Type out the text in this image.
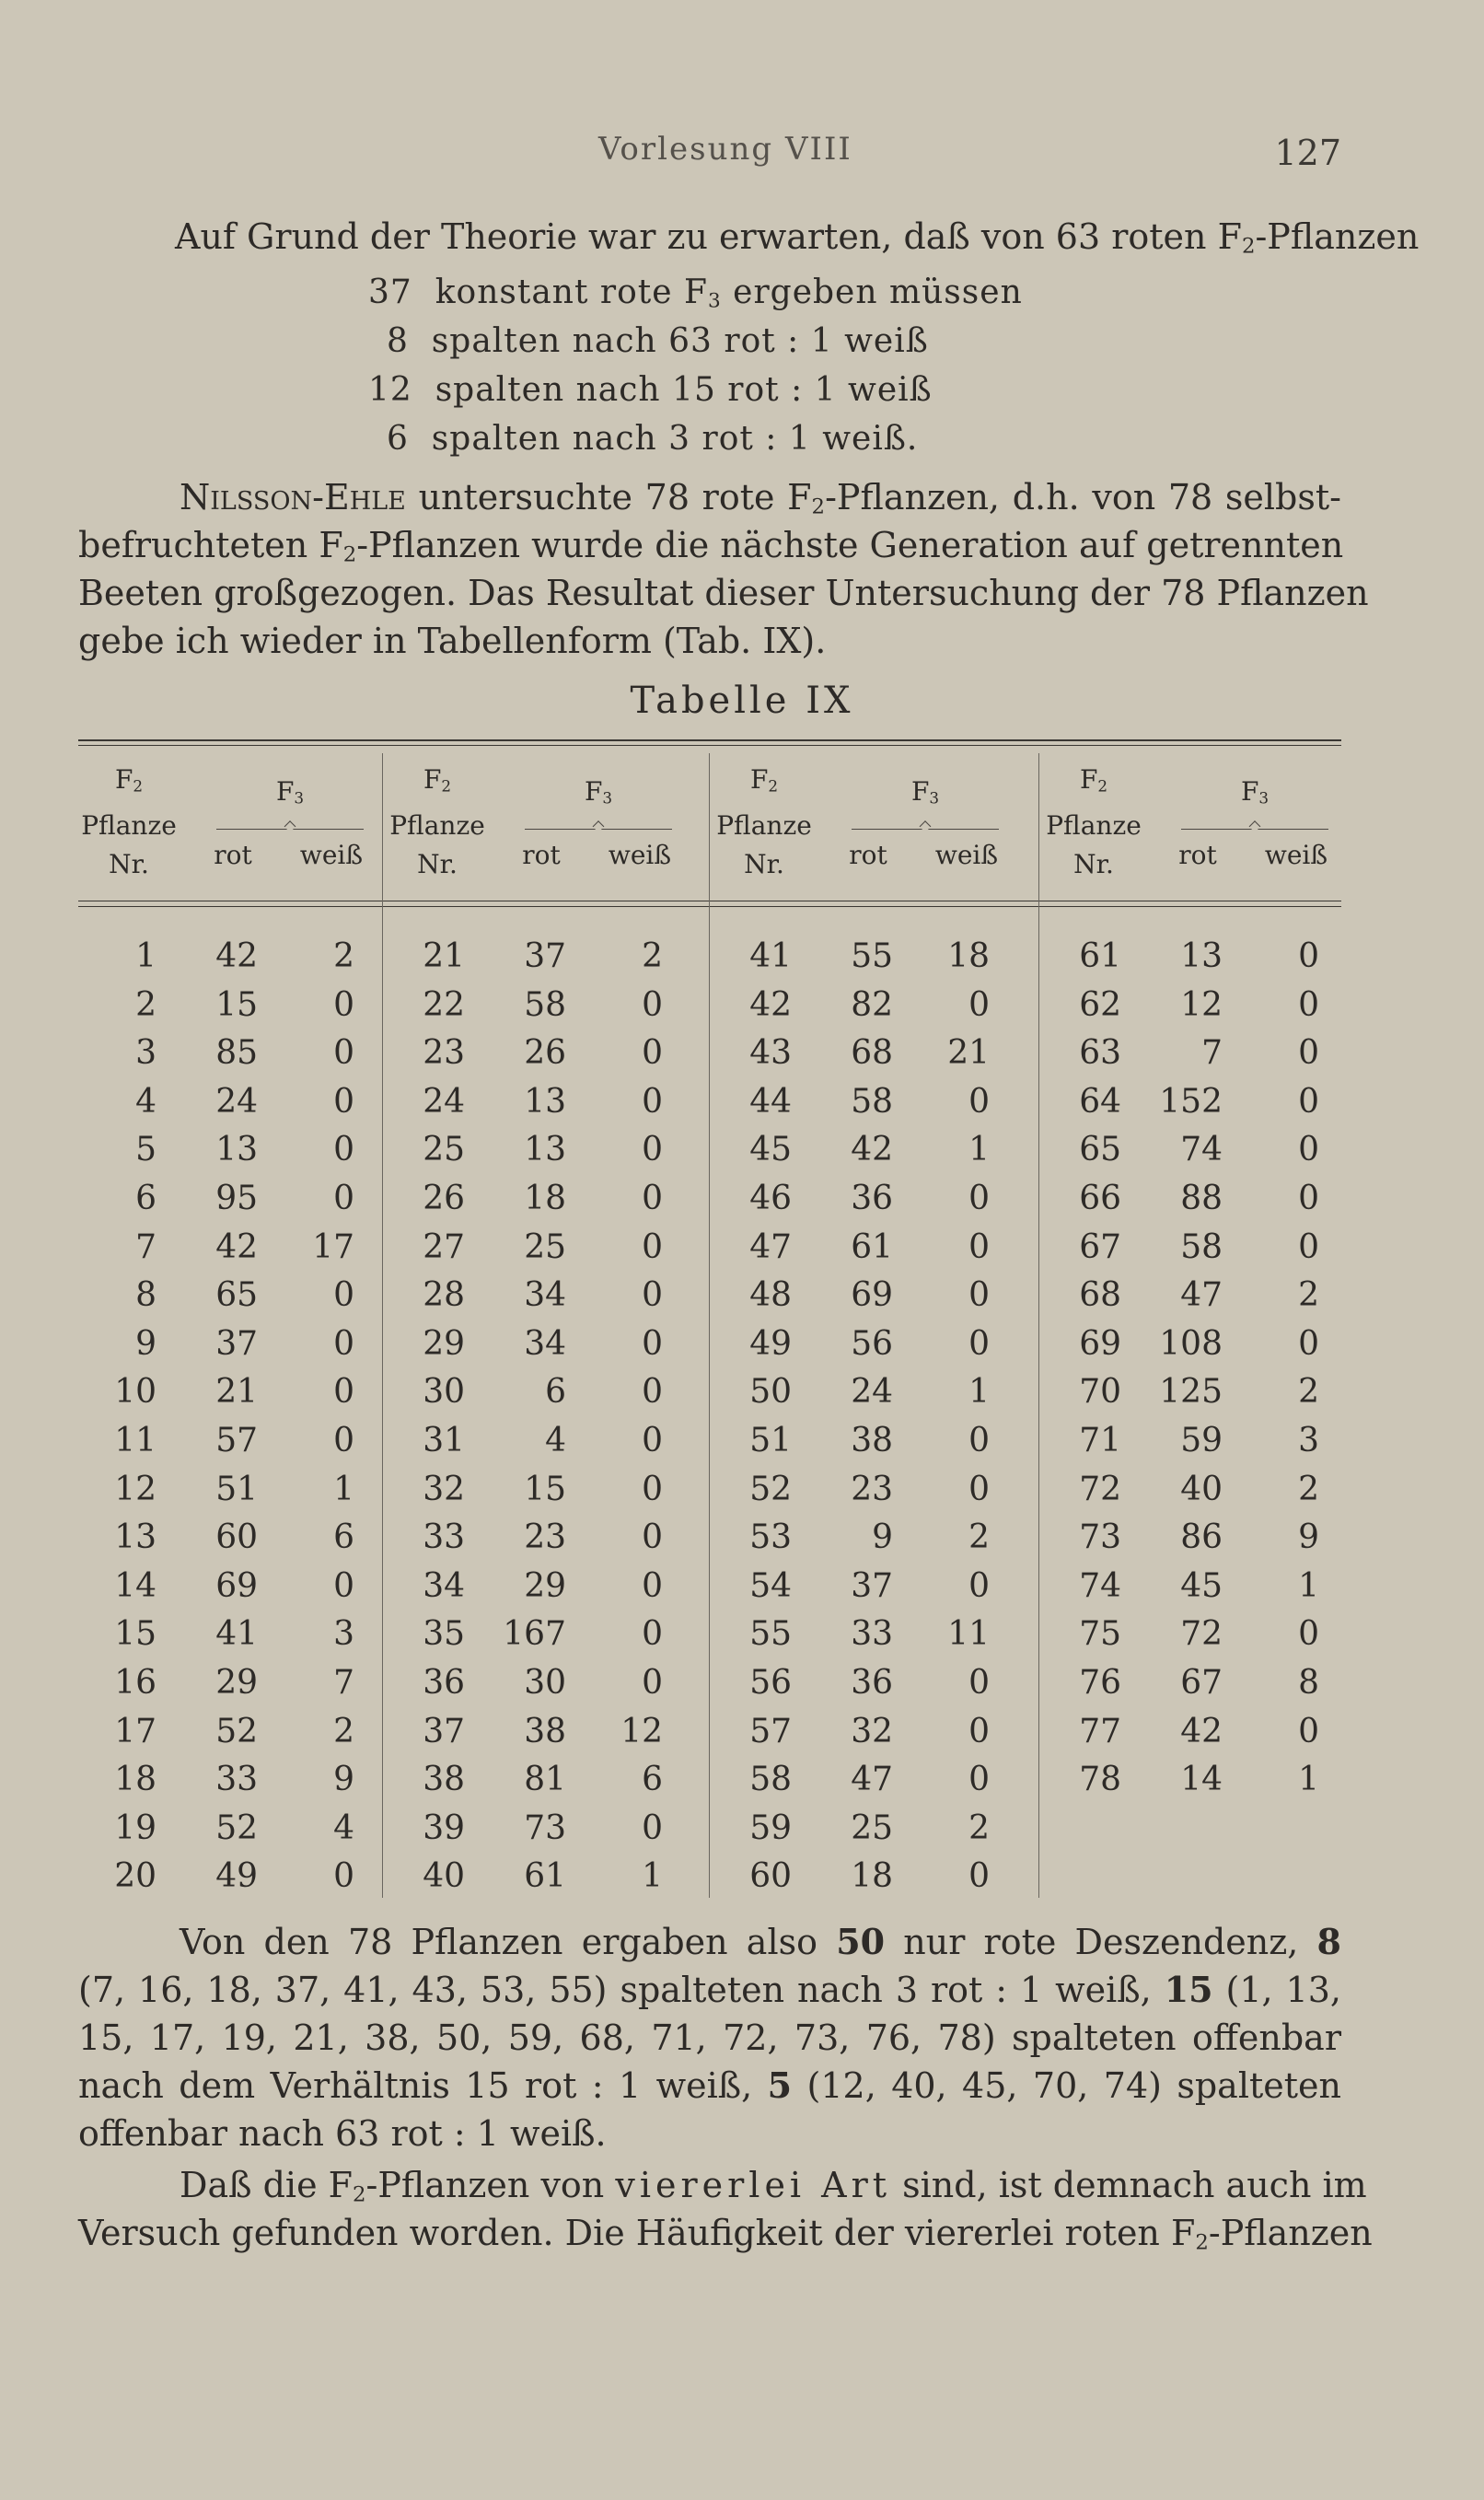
Vorlesung VIII	127
Auf Grund der Theorie war zu erwarten, daß von 63 roten $F_2$-Pflanzen
37 konstant rote $F_3$ ergeben müssen
8 spalten nach 63 rot : 1 weiß
12 spalten nach 15 rot : 1 weiß
6 spalten nach 3 rot : 1 weiß.
Nilsson-Ehle untersuchte 78 rote $F_2$-Pflanzen, d.h. von 78 selbst-
befruchteten $F_2$-Pflanzen wurde die nächste Generation auf getrennten
Beeten großgezogen. Das Resultat dieser Untersuchung der 78 Pflanzen
gebe ich wieder in Tabellenform (Tab. IX).
Tabelle IX
$F_2$
Pflanze
Nr.
$F_3$
rot	weiß
$F_2$
Pflanze
Nr.
$F_3$
rot	weiß
$F_2$
Pflanze
Nr.
$F_3$
rot	weiß
$F_2$
Pflanze
Nr.
$F_3$
rot	weiß
1	42	2
2	15	0
3	85	0
4	24	0
5	13	0
6	95	0
7	42	17
8	65	0
9	37	0
10	21	0
11	57	0
12	51	1
13	60	6
14	69	0
15	41	3
16	29	7
17	52	2
18	33	9
19	52	4
20	49	0
21	37	2
22	58	0
23	26	0
24	13	0
25	13	0
26	18	0
27	25	0
28	34	0
29	34	0
30	6	0
31	4	0
32	15	0
33	23	0
34	29	0
35	167	0
36	30	0
37	38	12
38	81	6
39	73	0
40	61	1
41	55	18
42	82	0
43	68	21
44	58	0
45	42	1
46	36	0
47	61	0
48	69	0
49	56	0
50	24	1
51	38	0
52	23	0
53	9	2
54	37	0
55	33	11
56	36	0
57	32	0
58	47	0
59	25	2
60	18	0
61	13	0
62	12	0
63	7	0
64	152	0
65	74	0
66	88	0
67	58	0
68	47	2
69	108	0
70	125	2
71	59	3
72	40	2
73	86	9
74	45	1
75	72	0
76	67	8
77	42	0
78	14	1
Von den 78 Pflanzen ergaben also 50 nur rote Deszendenz, 8
(7, 16, 18, 37, 41, 43, 53, 55) spalteten nach 3 rot : 1 weiß, 15 (1, 13,
15, 17, 19, 21, 38, 50, 59, 68, 71, 72, 73, 76, 78) spalteten offenbar
nach dem Verhältnis 15 rot : 1 weiß, 5 (12, 40, 45, 70, 74) spalteten
offenbar nach 63 rot : 1 weiß.
Daß die $F_2$-Pflanzen von viererlei Art sind, ist demnach auch im
Versuch gefunden worden. Die Häufigkeit der viererlei roten $F_2$-Pflanzen
